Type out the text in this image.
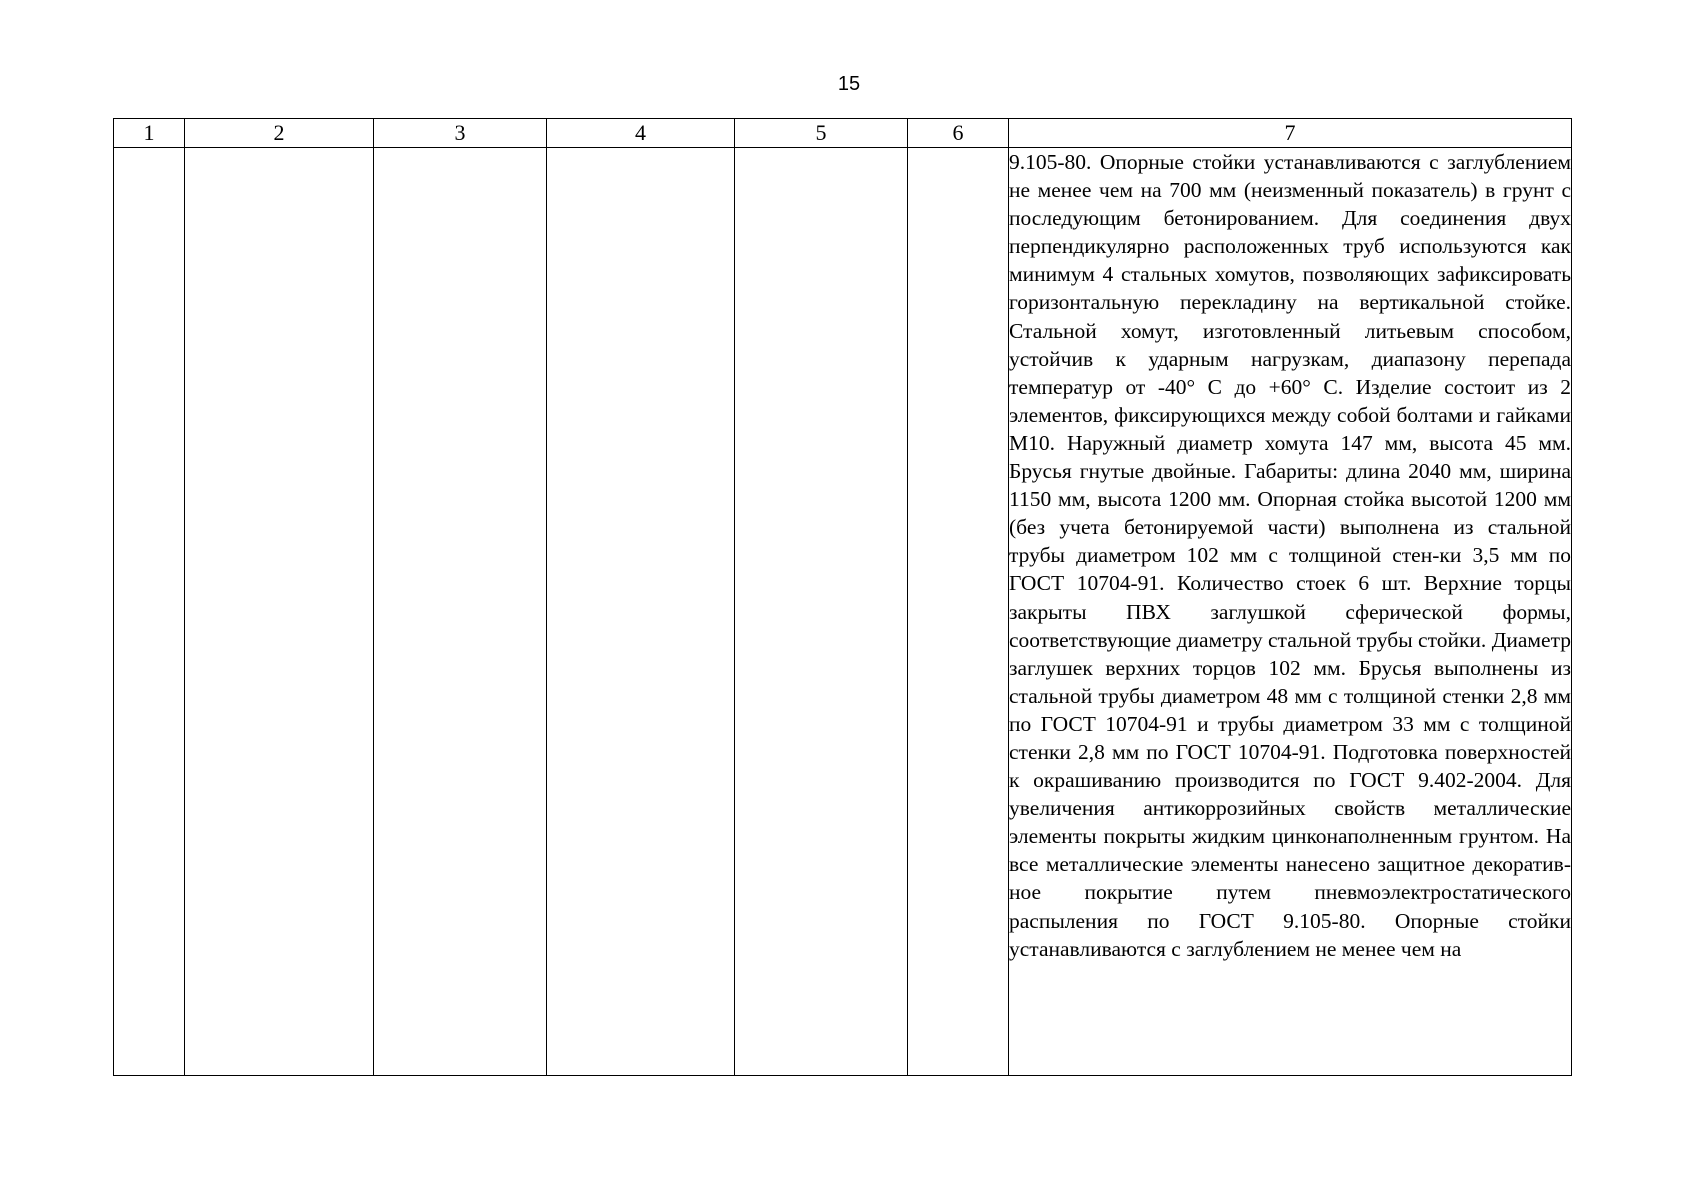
15
1	2	3	4	5	6	7

						9.105-80. Опорные стойки устанавливаются с заглублением не менее чем на 700 мм (неизменный показатель) в грунт с последующим бетонированием. Для соединения двух перпендикулярно расположенных труб используются как минимум 4 стальных хомутов, позволяющих зафиксировать горизонтальную перекладину на вертикальной стойке. Стальной хомут, изготовленный литьевым способом, устойчив к ударным нагрузкам, диапазону перепада температур от -40° С до +60° С. Изделие состоит из 2 элементов, фиксирующихся между собой болтами и гайками М10. Наружный диаметр хомута 147 мм, высота 45 мм. Брусья гнутые двойные. Габариты: длина 2040 мм, ширина 1150 мм, высота 1200 мм. Опорная стойка высотой 1200 мм (без учета бетонируемой части) выполнена из стальной трубы диаметром 102 мм с толщиной стен-ки 3,5 мм по ГОСТ 10704-91. Количество стоек 6 шт. Верхние торцы закрыты ПВХ заглушкой сферической формы, соответствующие диаметру стальной трубы стойки. Диаметр заглушек верхних торцов 102 мм. Брусья выполнены из стальной трубы диаметром 48 мм с толщиной стенки 2,8 мм по ГОСТ 10704-91 и трубы диаметром 33 мм с толщиной стенки 2,8 мм по ГОСТ 10704-91. Подготовка поверхностей к окрашиванию производится по ГОСТ 9.402-2004. Для увеличения антикоррозийных свойств металлические элементы покрыты жидким цинконаполненным грунтом. На все металлические элементы нанесено защитное декоративное покрытие путем пневмоэлектростатического распыления по ГОСТ 9.105-80. Опорные стойки устанавливаются с заглублением не менее чем на
